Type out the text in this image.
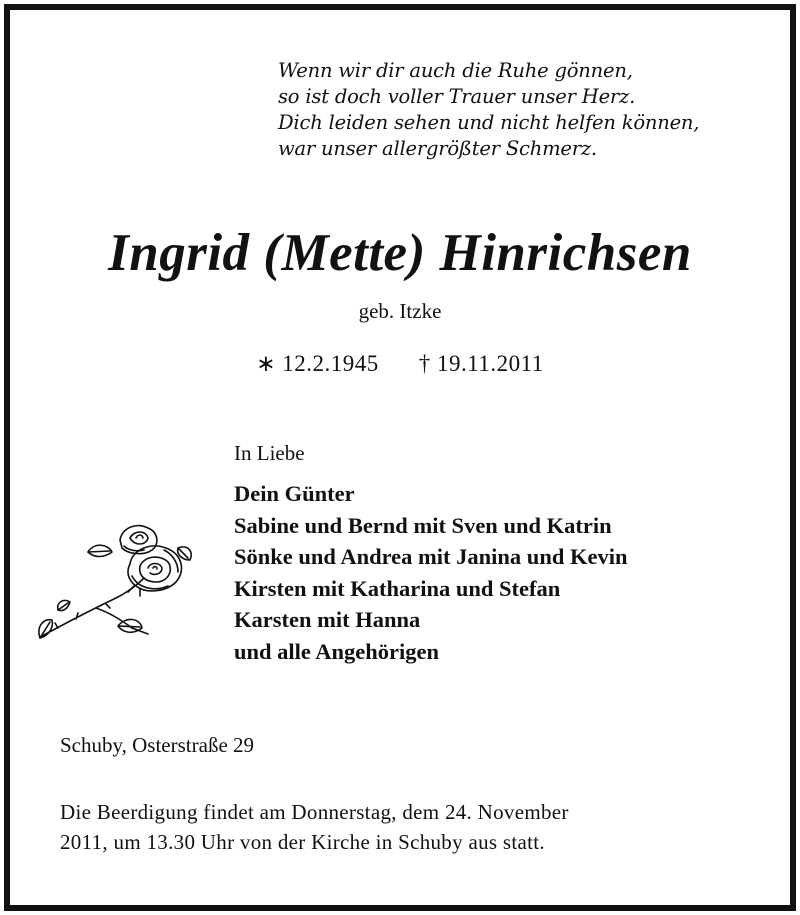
Wenn wir dir auch die Ruhe gönnen,
so ist doch voller Trauer unser Herz.
Dich leiden sehen und nicht helfen können,
war unser allergrößter Schmerz.
Ingrid (Mette) Hinrichsen
geb. Itzke
∗ 12.2.1945 † 19.11.2011
In Liebe
Dein Günter
Sabine und Bernd mit Sven und Katrin
Sönke und Andrea mit Janina und Kevin
Kirsten mit Katharina und Stefan
Karsten mit Hanna
und alle Angehörigen
Schuby, Osterstraße 29
Die Beerdigung findet am Donnerstag, dem 24. November
2011, um 13.30 Uhr von der Kirche in Schuby aus statt.
